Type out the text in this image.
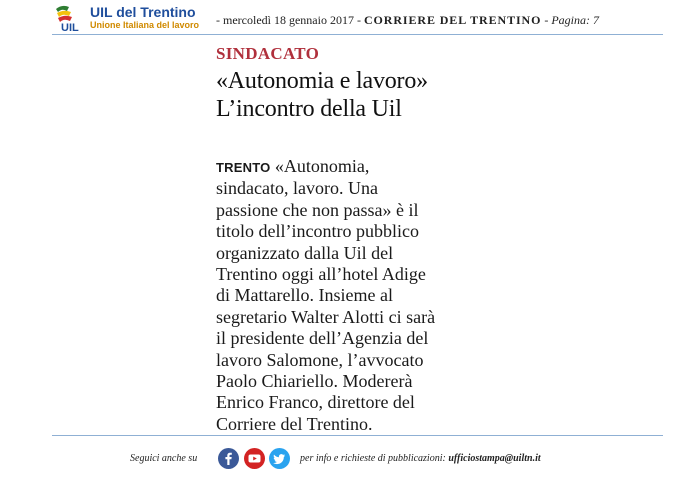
UIL
UIL del Trentino
Unione Italiana del lavoro - mercoledì 18 gennaio 2017 - CORRIERE DEL TRENTINO - Pagina: 7
SINDACATO
«Autonomia e lavoro»
L’incontro della Uil
TRENTO «Autonomia,
sindacato, lavoro. Una
passione che non passa» è il
titolo dell’incontro pubblico
organizzato dalla Uil del
Trentino oggi all’hotel Adige
di Mattarello. Insieme al
segretario Walter Alotti ci sarà
il presidente dell’Agenzia del
lavoro Salomone, l’avvocato
Paolo Chiariello. Modererà
Enrico Franco, direttore del
Corriere del Trentino.
Seguici anche su	per info e richieste di pubblicazioni: ufficiostampa@uiltn.it
